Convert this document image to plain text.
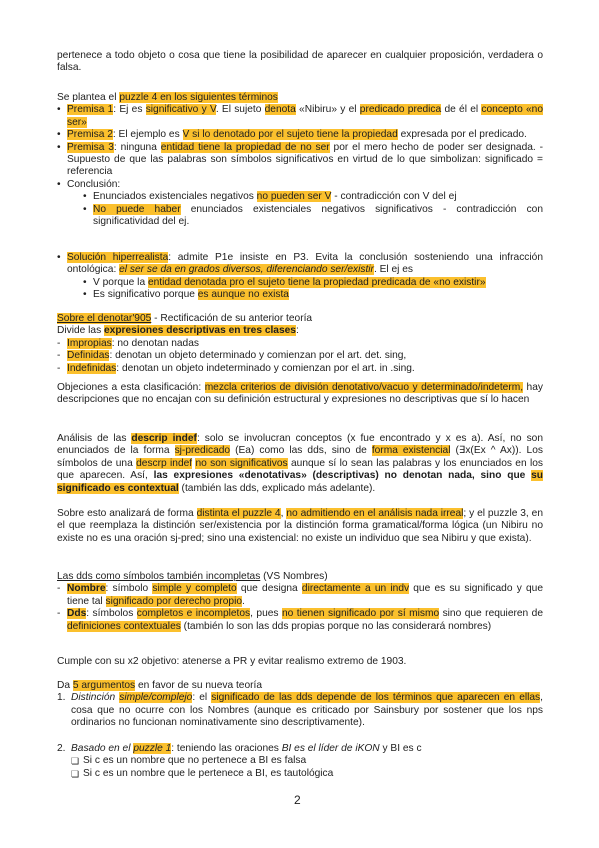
pertenece a todo objeto o cosa que tiene la posibilidad de aparecer en cualquier proposición, verdadera o falsa.
Se plantea el puzzle 4 en los siguientes términos
• Premisa 1: Ej es significativo y V. El sujeto denota «Nibiru» y el predicado predica de él el concepto «no ser»
• Premisa 2: El ejemplo es V si lo denotado por el sujeto tiene la propiedad expresada por el predicado.
• Premisa 3: ninguna entidad tiene la propiedad de no ser por el mero hecho de poder ser designada. - Supuesto de que las palabras son símbolos significativos en virtud de lo que simbolizan: significado = referencia
• Conclusión:
• Enunciados existenciales negativos no pueden ser V - contradicción con V del ej
• No puede haber enunciados existenciales negativos significativos - contradicción con significatividad del ej.
• Solución hiperrealista: admite P1e insiste en P3. Evita la conclusión sosteniendo una infracción ontológica: el ser se da en grados diversos, diferenciando ser/existir. El ej es
• V porque la entidad denotada pro el sujeto tiene la propiedad predicada de «no existir»
• Es significativo porque es aunque no exista
Sobre el denotar'905 - Rectificación de su anterior teoría
Divide las expresiones descriptivas en tres clases:
- Impropias: no denotan nadas
- Definidas: denotan un objeto determinado y comienzan por el art. det. sing,
- Indefinidas: denotan un objeto indeterminado y comienzan por el art. in .sing.
Objeciones a esta clasificación: mezcla criterios de división denotativo/vacuo y determinado/indeterm, hay descripciones que no encajan con su definición estructural y expresiones no descriptivas que sí lo hacen
Análisis de las descrip indef: solo se involucran conceptos (x fue encontrado y x es a). Así, no son enunciados de la forma sj-predicado (Ea) como las dds, sino de forma existencial (∃x(Ex ^ Ax)). Los símbolos de una descrp indef no son significativos aunque sí lo sean las palabras y los enunciados en los que aparecen. Así, las expresiones «denotativas» (descriptivas) no denotan nada, sino que su significado es contextual (también las dds, explicado más adelante).
Sobre esto analizará de forma distinta el puzzle 4, no admitiendo en el análisis nada irreal; y el puzzle 3, en el que reemplaza la distinción ser/existencia por la distinción forma gramatical/forma lógica (un Nibiru no existe no es una oración sj-pred; sino una existencial: no existe un individuo que sea Nibiru y que exista).
Las dds como símbolos también incompletas (VS Nombres)
- Nombre: símbolo simple y completo que designa directamente a un indv que es su significado y que tiene tal significado por derecho propio.
- Dds: símbolos completos e incompletos, pues no tienen significado por sí mismo sino que requieren de definiciones contextuales (también lo son las dds propias porque no las considerará nombres)
Cumple con su x2 objetivo: atenerse a PR y evitar realismo extremo de 1903.
Da 5 argumentos en favor de su nueva teoría
1. Distinción simple/complejo: el significado de las dds depende de los términos que aparecen en ellas, cosa que no ocurre con los Nombres (aunque es criticado por Sainsbury por sostener que los nps ordinarios no funcionan nominativamente sino descriptivamente).
2. Basado en el puzzle 1: teniendo las oraciones BI es el líder de iKON y BI es c
❏ Si c es un nombre que no pertenece a BI es falsa
❏ Si c es un nombre que le pertenece a BI, es tautológica
2
